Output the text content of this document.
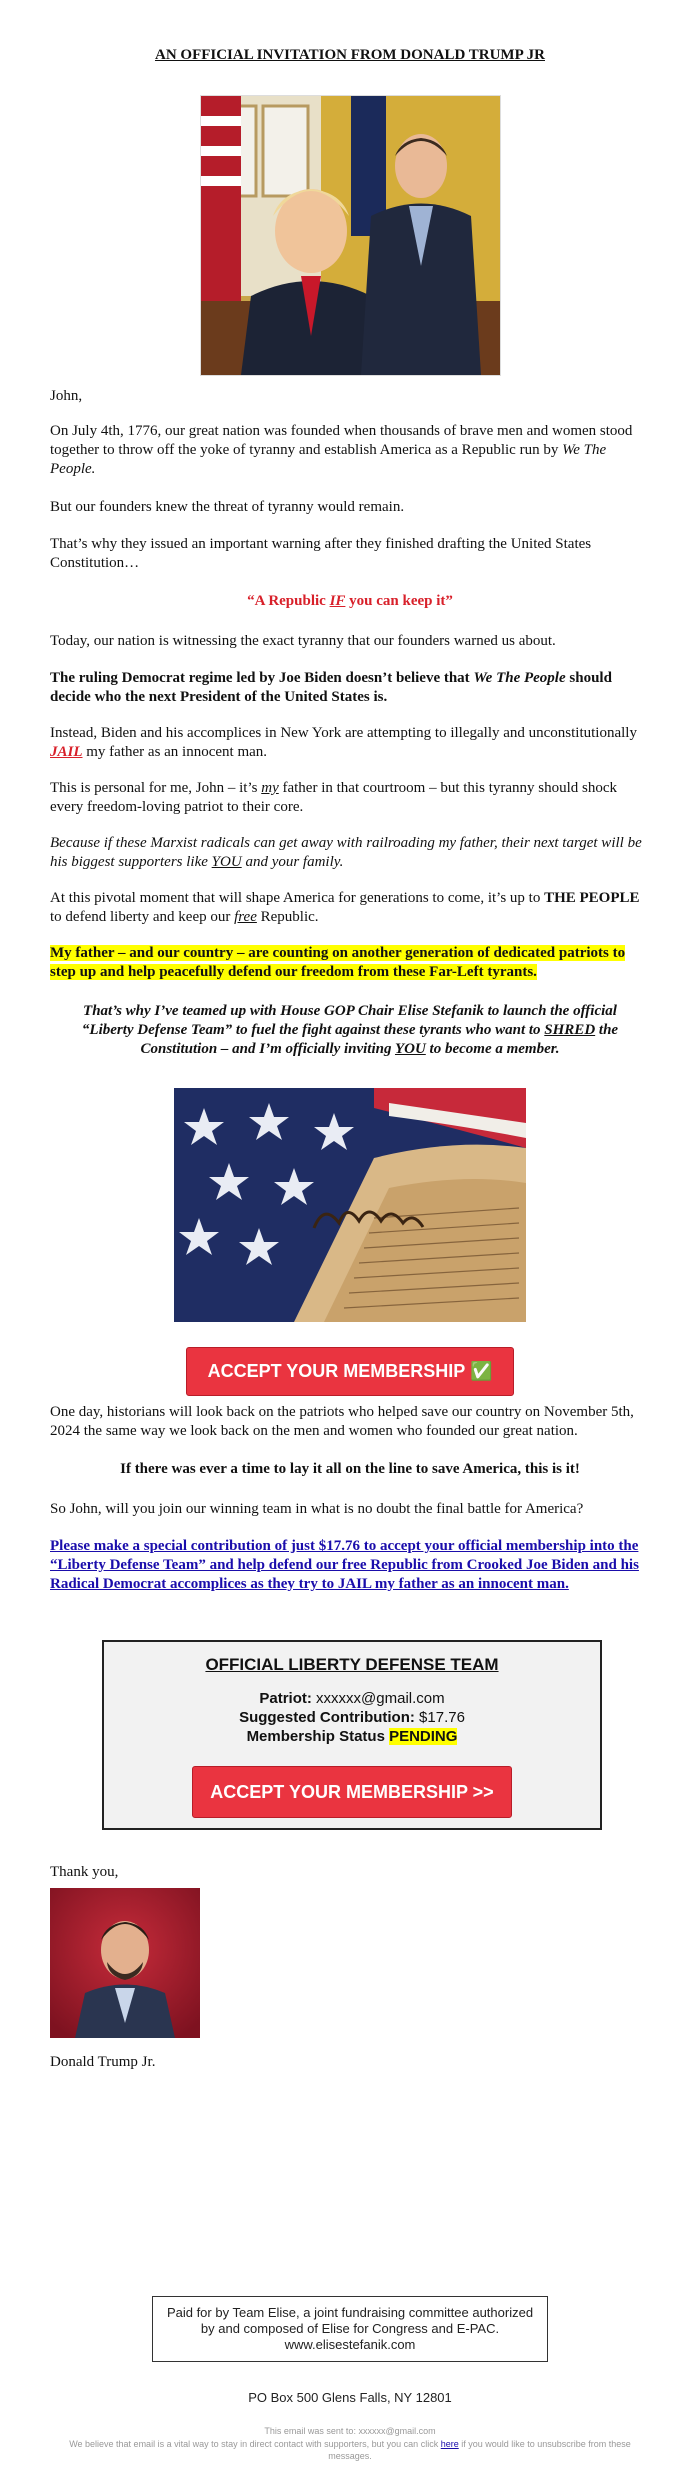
AN OFFICIAL INVITATION FROM DONALD TRUMP JR

John,

On July 4th, 1776, our great nation was founded when thousands of brave men and women stood together to throw off the yoke of tyranny and establish America as a Republic run by We The People.

But our founders knew the threat of tyranny would remain.

That’s why they issued an important warning after they finished drafting the United States Constitution…

“A Republic IF you can keep it”

Today, our nation is witnessing the exact tyranny that our founders warned us about.

The ruling Democrat regime led by Joe Biden doesn’t believe that We The People should decide who the next President of the United States is.

Instead, Biden and his accomplices in New York are attempting to illegally and unconstitutionally JAIL my father as an innocent man.

This is personal for me, John – it’s my father in that courtroom – but this tyranny should shock every freedom-loving patriot to their core.

Because if these Marxist radicals can get away with railroading my father, their next target will be his biggest supporters like YOU and your family.

At this pivotal moment that will shape America for generations to come, it’s up to THE PEOPLE to defend liberty and keep our free Republic.

My father – and our country – are counting on another generation of dedicated patriots to step up and help peacefully defend our freedom from these Far-Left tyrants.

That’s why I’ve teamed up with House GOP Chair Elise Stefanik to launch the official “Liberty Defense Team” to fuel the fight against these tyrants who want to SHRED the Constitution – and I’m officially inviting YOU to become a member.

ACCEPT YOUR MEMBERSHIP ✅

One day, historians will look back on the patriots who helped save our country on November 5th, 2024 the same way we look back on the men and women who founded our great nation.

If there was ever a time to lay it all on the line to save America, this is it!

So John, will you join our winning team in what is no doubt the final battle for America?

Please make a special contribution of just $17.76 to accept your official membership into the “Liberty Defense Team” and help defend our free Republic from Crooked Joe Biden and his Radical Democrat accomplices as they try to JAIL my father as an innocent man.

OFFICIAL LIBERTY DEFENSE TEAM
Patriot: xxxxxx@gmail.com
Suggested Contribution: $17.76
Membership Status PENDING
ACCEPT YOUR MEMBERSHIP >>

Thank you,

Donald Trump Jr.

Paid for by Team Elise, a joint fundraising committee authorized by and composed of Elise for Congress and E-PAC. www.elisestefanik.com
PO Box 500 Glens Falls, NY 12801
This email was sent to: xxxxxx@gmail.com
We believe that email is a vital way to stay in direct contact with supporters, but you can click here if you would like to unsubscribe from these messages.
